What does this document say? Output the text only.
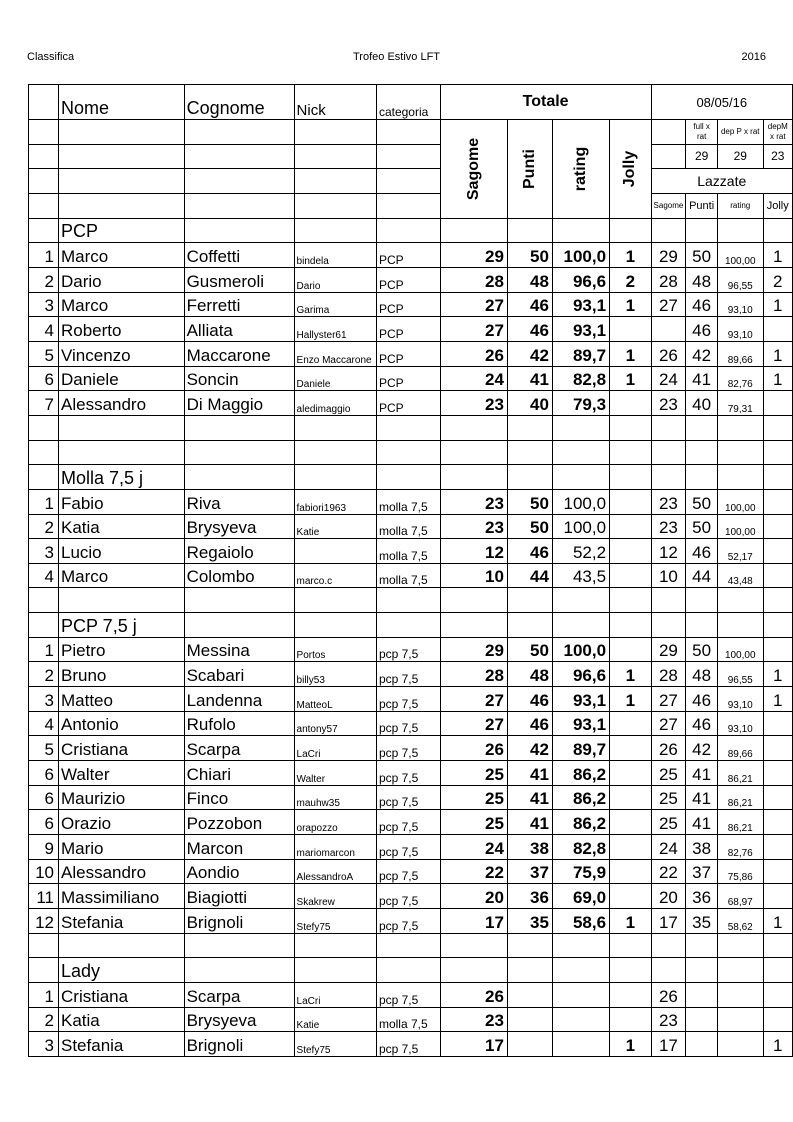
Classifica	Trofeo Estivo LFT	2016
	Nome	Cognome	Nick	categoria	Totale				08/05/16			
					Sagome	Punti	rating	Jolly		full x rat	dep P x rat	depM x rat
										29	29	23
									Lazzate			
									Sagome	Punti	rating	Jolly
	PCP											
1	Marco	Coffetti	bindela	PCP	29	50	100,0	1	29	50	100,00	1
2	Dario	Gusmeroli	Dario	PCP	28	48	96,6	2	28	48	96,55	2
3	Marco	Ferretti	Garima	PCP	27	46	93,1	1	27	46	93,10	1
4	Roberto	Alliata	Hallyster61	PCP	27	46	93,1			46	93,10	
5	Vincenzo	Maccarone	Enzo Maccarone	PCP	26	42	89,7	1	26	42	89,66	1
6	Daniele	Soncin	Daniele	PCP	24	41	82,8	1	24	41	82,76	1
7	Alessandro	Di Maggio	aledimaggio	PCP	23	40	79,3		23	40	79,31	

	Molla 7,5 j											
1	Fabio	Riva	fabiori1963	molla 7,5	23	50	100,0		23	50	100,00	
2	Katia	Brysyeva	Katie	molla 7,5	23	50	100,0		23	50	100,00	
3	Lucio	Regaiolo		molla 7,5	12	46	52,2		12	46	52,17	
4	Marco	Colombo	marco.c	molla 7,5	10	44	43,5		10	44	43,48	

	PCP 7,5 j											
1	Pietro	Messina	Portos	pcp 7,5	29	50	100,0		29	50	100,00	
2	Bruno	Scabari	billy53	pcp 7,5	28	48	96,6	1	28	48	96,55	1
3	Matteo	Landenna	MatteoL	pcp 7,5	27	46	93,1	1	27	46	93,10	1
4	Antonio	Rufolo	antony57	pcp 7,5	27	46	93,1		27	46	93,10	
5	Cristiana	Scarpa	LaCri	pcp 7,5	26	42	89,7		26	42	89,66	
6	Walter	Chiari	Walter	pcp 7,5	25	41	86,2		25	41	86,21	
6	Maurizio	Finco	mauhw35	pcp 7,5	25	41	86,2		25	41	86,21	
6	Orazio	Pozzobon	orapozzo	pcp 7,5	25	41	86,2		25	41	86,21	
9	Mario	Marcon	mariomarcon	pcp 7,5	24	38	82,8		24	38	82,76	
10	Alessandro	Aondio	AlessandroA	pcp 7,5	22	37	75,9		22	37	75,86	
11	Massimiliano	Biagiotti	Skakrew	pcp 7,5	20	36	69,0		20	36	68,97	
12	Stefania	Brignoli	Stefy75	pcp 7,5	17	35	58,6	1	17	35	58,62	1

	Lady											
1	Cristiana	Scarpa	LaCri	pcp 7,5	26				26			
2	Katia	Brysyeva	Katie	molla 7,5	23				23			
3	Stefania	Brignoli	Stefy75	pcp 7,5	17			1	17			1
